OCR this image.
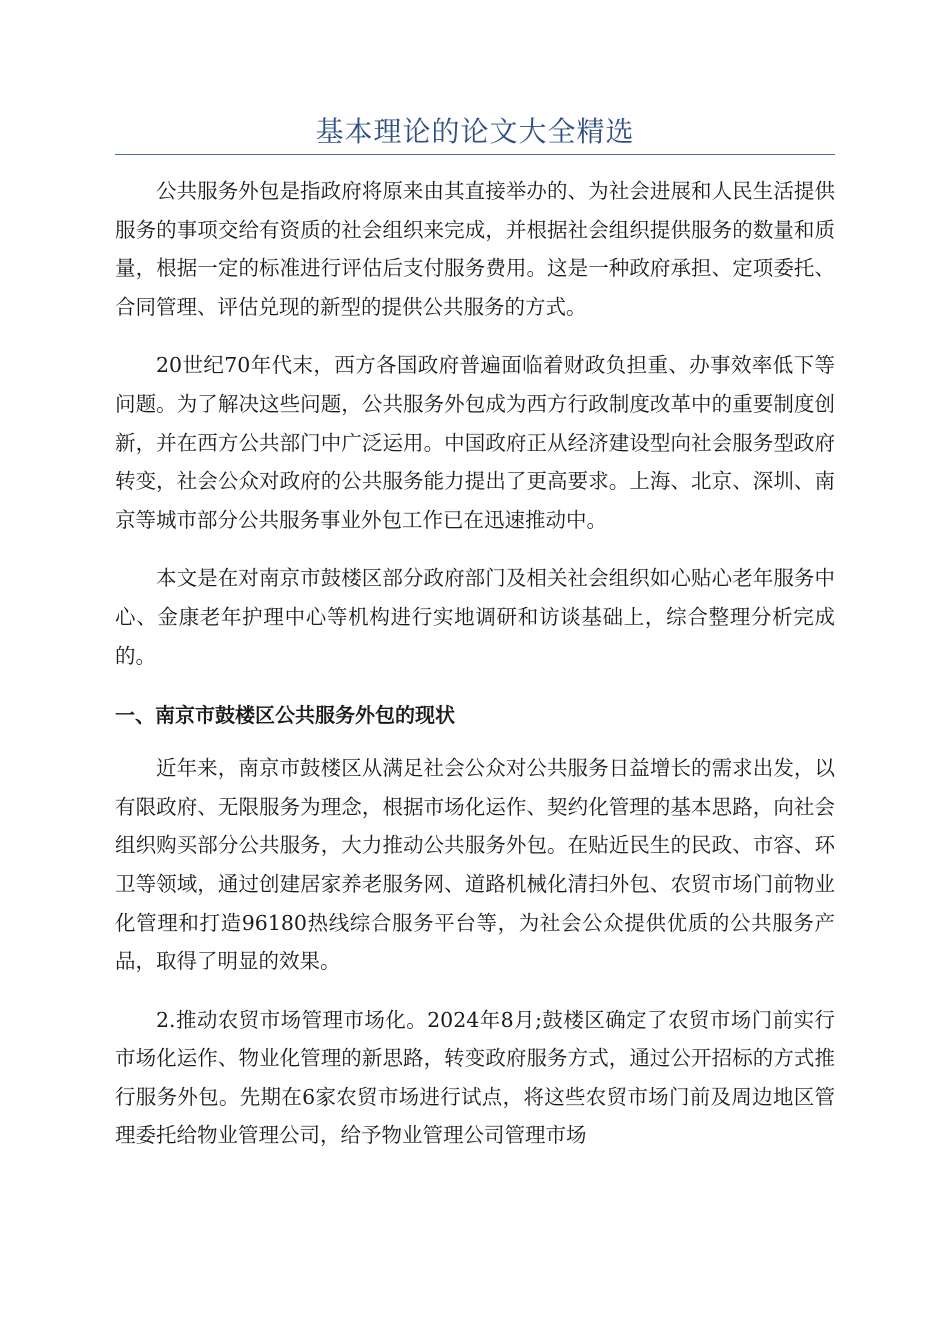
基本理论的论文大全精选

公共服务外包是指政府将原来由其直接举办的、为社会进展和人民生活提供服务的事项交给有资质的社会组织来完成，并根据社会组织提供服务的数量和质量，根据一定的标准进行评估后支付服务费用。这是一种政府承担、定项委托、合同管理、评估兑现的新型的提供公共服务的方式。

20世纪70年代末，西方各国政府普遍面临着财政负担重、办事效率低下等问题。为了解决这些问题，公共服务外包成为西方行政制度改革中的重要制度创新，并在西方公共部门中广泛运用。中国政府正从经济建设型向社会服务型政府转变，社会公众对政府的公共服务能力提出了更高要求。上海、北京、深圳、南京等城市部分公共服务事业外包工作已在迅速推动中。

本文是在对南京市鼓楼区部分政府部门及相关社会组织如心贴心老年服务中心、金康老年护理中心等机构进行实地调研和访谈基础上，综合整理分析完成的。

一、南京市鼓楼区公共服务外包的现状

近年来，南京市鼓楼区从满足社会公众对公共服务日益增长的需求出发，以有限政府、无限服务为理念，根据市场化运作、契约化管理的基本思路，向社会组织购买部分公共服务，大力推动公共服务外包。在贴近民生的民政、市容、环卫等领域，通过创建居家养老服务网、道路机械化清扫外包、农贸市场门前物业化管理和打造96180热线综合服务平台等，为社会公众提供优质的公共服务产品，取得了明显的效果。

2.推动农贸市场管理市场化。2024年8月;鼓楼区确定了农贸市场门前实行市场化运作、物业化管理的新思路，转变政府服务方式，通过公开招标的方式推行服务外包。先期在6家农贸市场进行试点，将这些农贸市场门前及周边地区管理委托给物业管理公司，给予物业管理公司管理市场
